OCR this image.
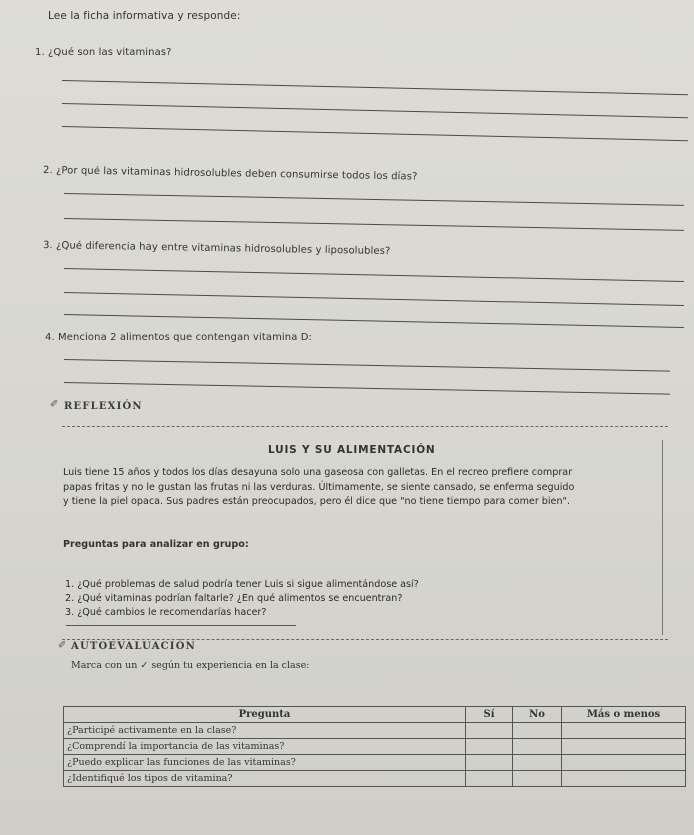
Lee la ficha informativa y responde:
1. ¿Qué son las vitaminas?
2. ¿Por qué las vitaminas hidrosolubles deben consumirse todos los días?
3. ¿Qué diferencia hay entre vitaminas hidrosolubles y liposolubles?
4. Menciona 2 alimentos que contengan vitamina D:
✐ REFLEXIÓN
LUIS Y SU ALIMENTACIÓN
Luis tiene 15 años y todos los días desayuna solo una gaseosa con galletas. En el recreo prefiere comprar
papas fritas y no le gustan las frutas ni las verduras. Últimamente, se siente cansado, se enferma seguido
y tiene la piel opaca. Sus padres están preocupados, pero él dice que "no tiene tiempo para comer bien".
Preguntas para analizar en grupo:
1. ¿Qué problemas de salud podría tener Luis si sigue alimentándose así?
2. ¿Qué vitaminas podrían faltarle? ¿En qué alimentos se encuentran?
3. ¿Qué cambios le recomendarías hacer?
✐ AUTOEVALUACIÓN
Marca con un ✓ según tu experiencia en la clase:
Pregunta	Sí	No	Más o menos
¿Participé activamente en la clase?			
¿Comprendí la importancia de las vitaminas?			
¿Puedo explicar las funciones de las vitaminas?			
¿Identifiqué los tipos de vitamina?			
